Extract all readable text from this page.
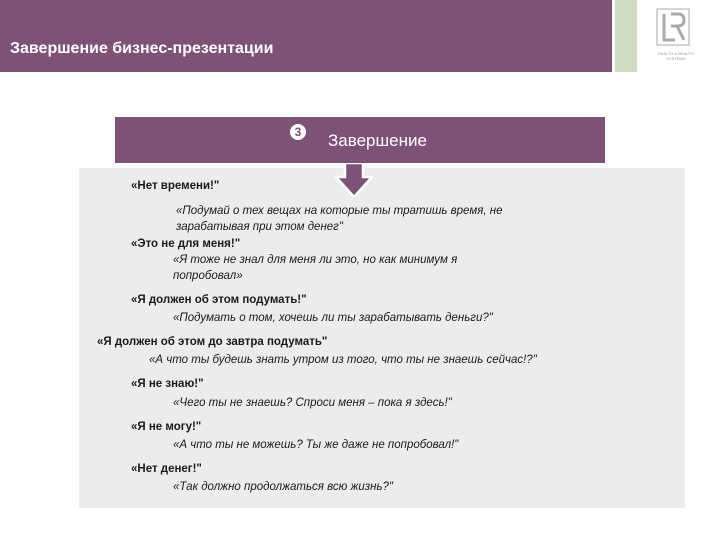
Завершение бизнес-презентации	HEALTH & BEAUTY
SYSTEMS
3 Завершение
«Нет времени!"
«Подумай о тех вещах на которые ты тратишь время, не
зарабатывая при этом денег"
«Это не для меня!"
«Я тоже не знал для меня ли это, но как минимум я
попробовал»
«Я должен об этом подумать!"
«Подумать о том, хочешь ли ты зарабатывать деньги?"
«Я должен об этом до завтра подумать"
«А что ты будешь знать утром из того, что ты не знаешь сейчас!?"
«Я не знаю!"
«Чего ты не знаешь? Спроси меня – пока я здесь!"
«Я не могу!"
«А что ты не можешь? Ты же даже не попробовал!"
«Нет денег!"
«Так должно продолжаться всю жизнь?"
